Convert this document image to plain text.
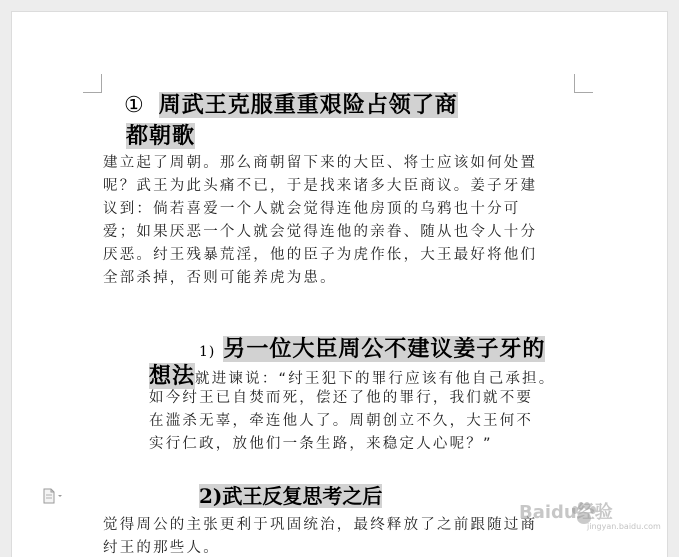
① 周武王克服重重艰险占领了商
都朝歌
建立起了周朝。那么商朝留下来的大臣、将士应该如何处置
呢？武王为此头痛不已，于是找来诸多大臣商议。姜子牙建
议到：倘若喜爱一个人就会觉得连他房顶的乌鸦也十分可
爱；如果厌恶一个人就会觉得连他的亲眷、随从也令人十分
厌恶。纣王残暴荒淫，他的臣子为虎作伥，大王最好将他们
全部杀掉，否则可能养虎为患。
1) 另一位大臣周公不建议姜子牙的
想法就进谏说：“纣王犯下的罪行应该有他自己承担。
如今纣王已自焚而死，偿还了他的罪行，我们就不要
在滥杀无辜，牵连他人了。周朝创立不久，大王何不
实行仁政，放他们一条生路，来稳定人心呢？”
2)武王反复思考之后
觉得周公的主张更利于巩固统治，最终释放了之前跟随过商
纣王的那些人。
Baidu经验
jingyan.baidu.com
